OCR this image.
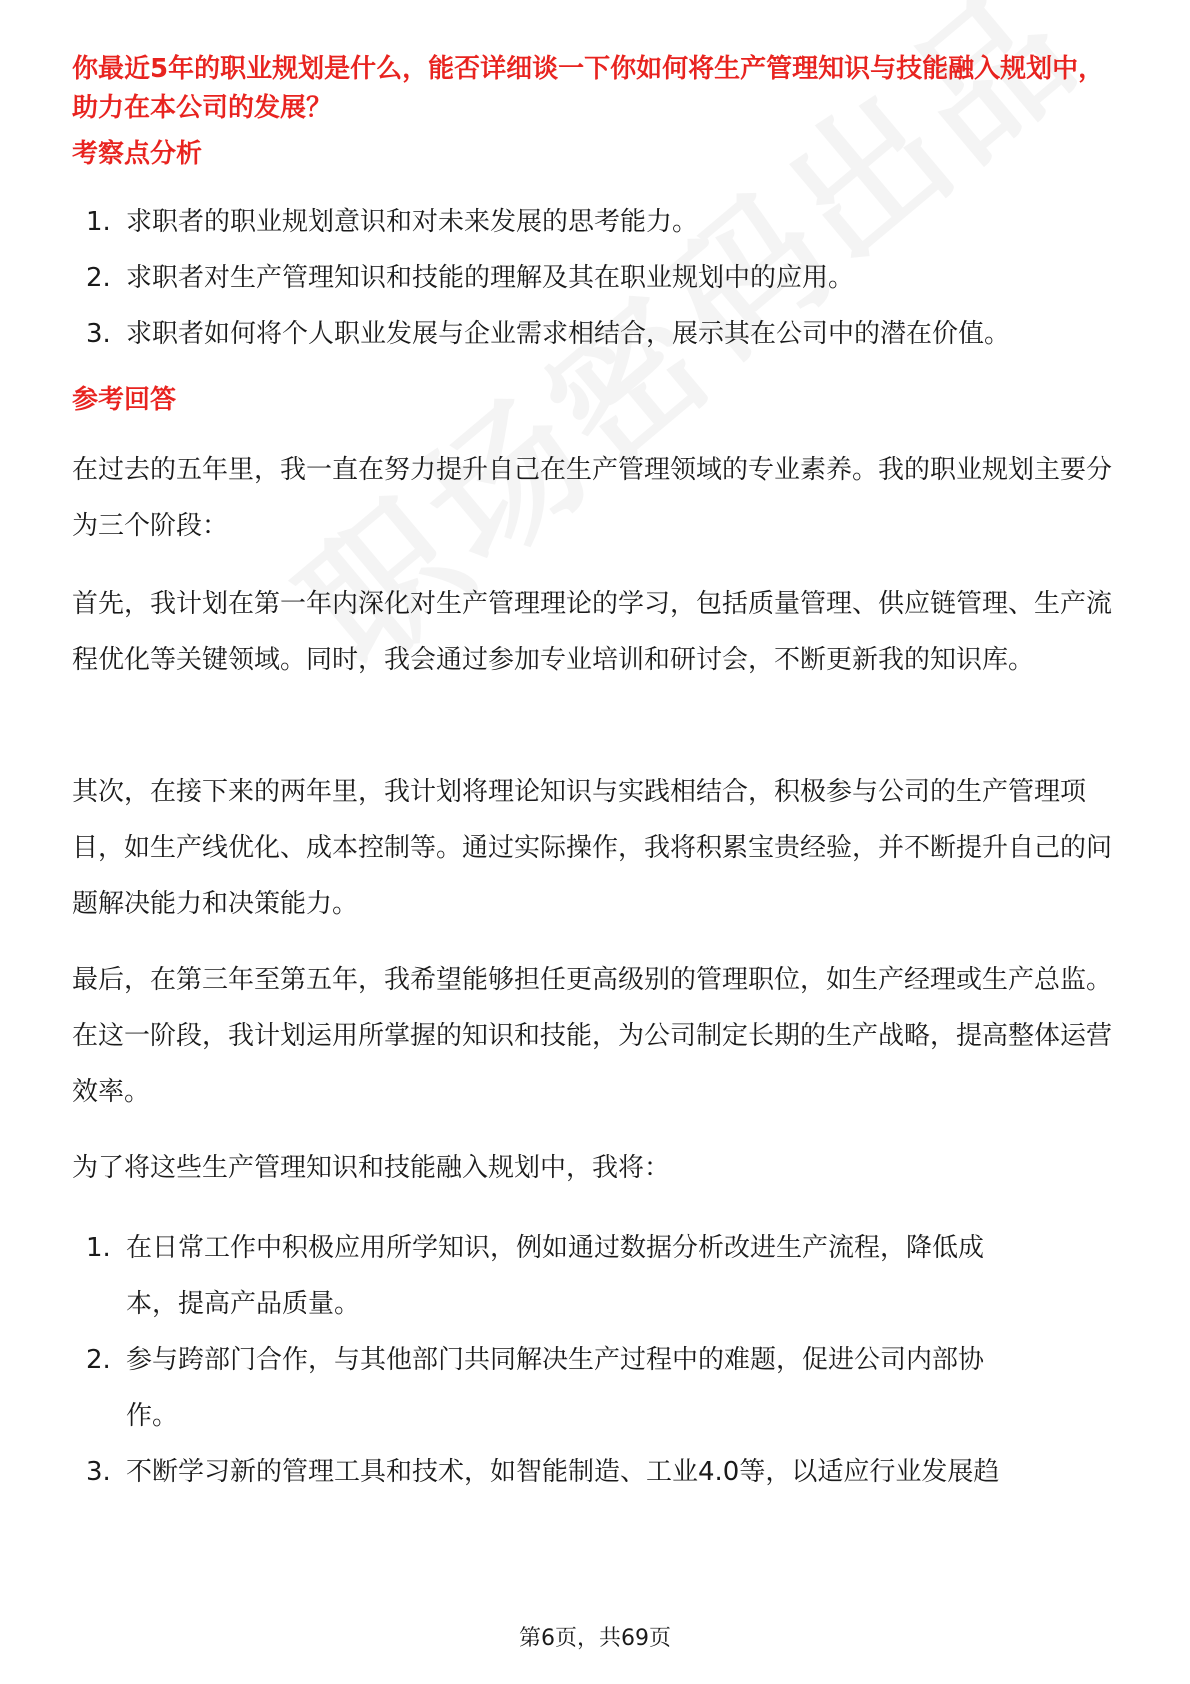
你最近5年的职业规划是什么，能否详细谈一下你如何将生产管理知识与技能融入规划中，助力在本公司的发展？
考察点分析
1. 求职者的职业规划意识和对未来发展的思考能力。
2. 求职者对生产管理知识和技能的理解及其在职业规划中的应用。
3. 求职者如何将个人职业发展与企业需求相结合，展示其在公司中的潜在价值。
参考回答

在过去的五年里，我一直在努力提升自己在生产管理领域的专业素养。我的职业规划主要分为三个阶段：

首先，我计划在第一年内深化对生产管理理论的学习，包括质量管理、供应链管理、生产流程优化等关键领域。同时，我会通过参加专业培训和研讨会，不断更新我的知识库。

其次，在接下来的两年里，我计划将理论知识与实践相结合，积极参与公司的生产管理项目，如生产线优化、成本控制等。通过实际操作，我将积累宝贵经验，并不断提升自己的问题解决能力和决策能力。

最后，在第三年至第五年，我希望能够担任更高级别的管理职位，如生产经理或生产总监。在这一阶段，我计划运用所掌握的知识和技能，为公司制定长期的生产战略，提高整体运营效率。

为了将这些生产管理知识和技能融入规划中，我将：

1. 在日常工作中积极应用所学知识，例如通过数据分析改进生产流程，降低成本，提高产品质量。
2. 参与跨部门合作，与其他部门共同解决生产过程中的难题，促进公司内部协作。
3. 不断学习新的管理工具和技术，如智能制造、工业4.0等，以适应行业发展趋
第6页，共69页
